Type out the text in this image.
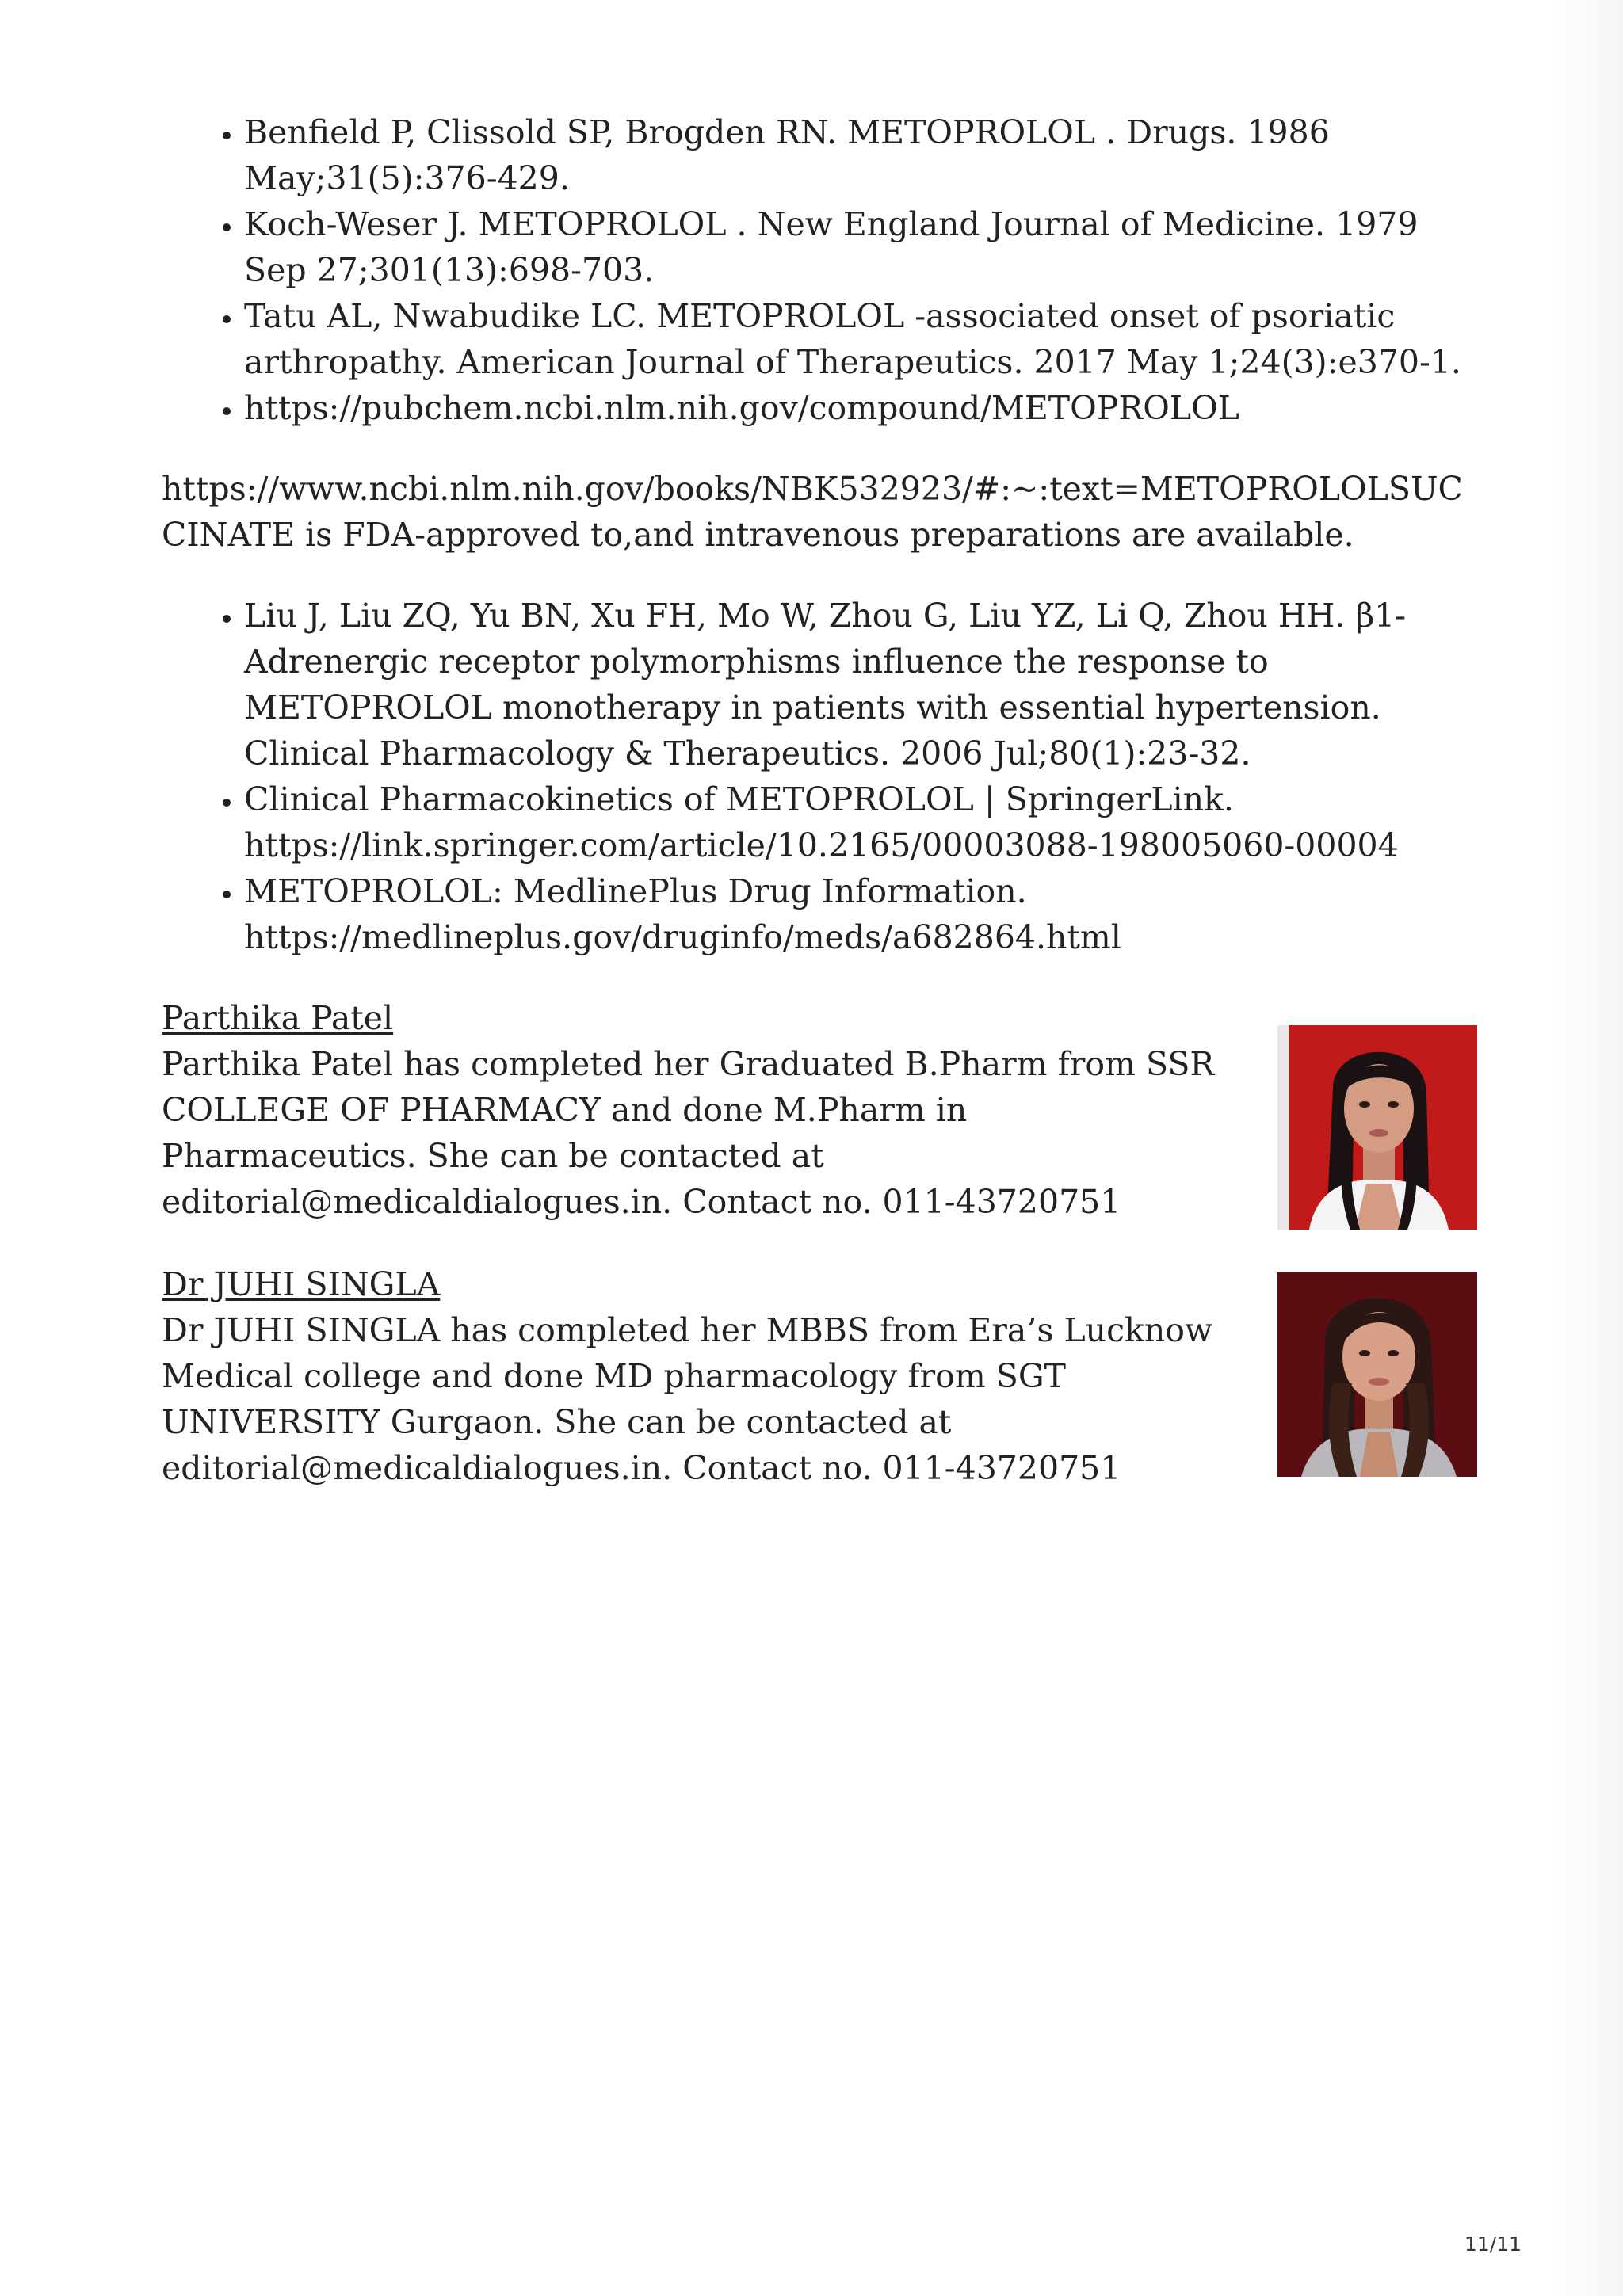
• Benfield P, Clissold SP, Brogden RN. METOPROLOL . Drugs. 1986 May;31(5):376-429.
• Koch-Weser J. METOPROLOL . New England Journal of Medicine. 1979 Sep 27;301(13):698-703.
• Tatu AL, Nwabudike LC. METOPROLOL -associated onset of psoriatic arthropathy. American Journal of Therapeutics. 2017 May 1;24(3):e370-1.
• https://pubchem.ncbi.nlm.nih.gov/compound/METOPROLOL

https://www.ncbi.nlm.nih.gov/books/NBK532923/#:~:text=METOPROLOLSUCCINATE is FDA-approved to,and intravenous preparations are available.

• Liu J, Liu ZQ, Yu BN, Xu FH, Mo W, Zhou G, Liu YZ, Li Q, Zhou HH. β1-Adrenergic receptor polymorphisms influence the response to METOPROLOL monotherapy in patients with essential hypertension. Clinical Pharmacology & Therapeutics. 2006 Jul;80(1):23-32.
• Clinical Pharmacokinetics of METOPROLOL | SpringerLink. https://link.springer.com/article/10.2165/00003088-198005060-00004
• METOPROLOL: MedlinePlus Drug Information. https://medlineplus.gov/druginfo/meds/a682864.html
Parthika Patel
Parthika Patel has completed her Graduated B.Pharm from SSR COLLEGE OF PHARMACY and done M.Pharm in Pharmaceutics. She can be contacted at editorial@medicaldialogues.in. Contact no. 011-43720751
Dr JUHI SINGLA
Dr JUHI SINGLA has completed her MBBS from Era’s Lucknow Medical college and done MD pharmacology from SGT UNIVERSITY Gurgaon. She can be contacted at editorial@medicaldialogues.in. Contact no. 011-43720751
11/11
